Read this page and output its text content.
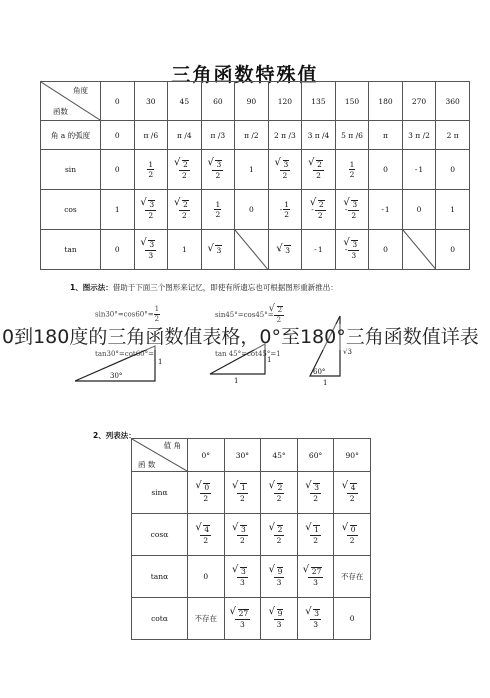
三角函数特殊值
角度
函数	0	30	45	60	90	120	135	150	180	270	360
角 a 的弧度	0	π /6	π /4	π /3	π /2	2 π /3	3 π /4	5 π /6	π	3 π /2	2 π
sin	0	$\frac{1}{2}$	√ $\frac{2}{2}$	√ $\frac{3}{2}$	1	√ $\frac{3}{2}$	√ $\frac{2}{2}$	$\frac{1}{2}$	0	-1	0
cos	1	√ $\frac{3}{2}$	√ $\frac{2}{2}$	$\frac{1}{2}$	0	- $\frac{1}{2}$	- √ $\frac{2}{2}$	- √ $\frac{3}{2}$	-1	0	1
tan	0	√ $\frac{3}{3}$	1	√ 3		- √ 3	-1	- √ $\frac{3}{3}$	0		0
1、图示法：借助于下面三个图形来记忆，即使有所遗忘也可根据图形重新推出：
$\sin 30^\circ=\cos 60^\circ= \frac{1}{2}$
tan30°=cot60°=
sin45°=cos45°= √ $\frac{2}{2}$
tan 45°=cot45°=1
30°
1	1
1
60°
√3
1
0到180度的三角函数值表格，0°至180°三角函数值详表
2、列表法：
值 角
函 数	0°	30°	45°	60°	90°
sinα	√ $\frac{0}{2}$	√ $\frac{1}{2}$	√ $\frac{2}{2}$	√ $\frac{3}{2}$	√ $\frac{4}{2}$

cosα	√ $\frac{4}{2}$	√ $\frac{3}{2}$	√ $\frac{2}{2}$	√ $\frac{1}{2}$	√ $\frac{0}{2}$

tanα	0	√ $\frac{3}{3}$	√ $\frac{9}{3}$	√ $\frac{27}{3}$	不存在
cotα	不存在	√ $\frac{27}{3}$	√ $\frac{9}{3}$	√ $\frac{3}{3}$	0
